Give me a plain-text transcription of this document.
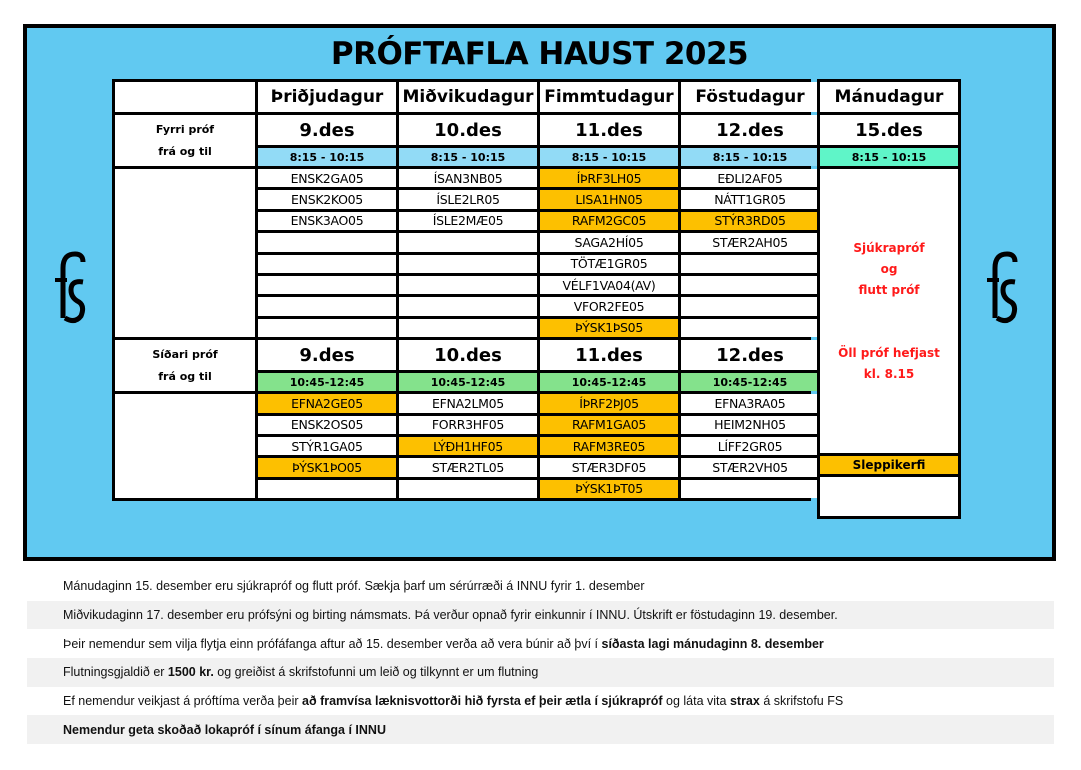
PRÓFTAFLA HAUST 2025
Þriðjudagur	Miðvikudagur Fimmtudagur	Föstudagur
Fyrri próf
frá og til
9.des
8:15 - 10:15
10.des
8:15 - 10:15
11.des
8:15 - 10:15
12.des
8:15 - 10:15
ENSK2GA05
ENSK2KO05
ENSK3AO05
ÍSAN3NB05
ÍSLE2LR05
ÍSLE2MÆ05
ÍÞRF3LH05
LISA1HN05
RAFM2GC05
SAGA2HÍ05
TÖTÆ1GR05
VÉLF1VA04(AV)
VFOR2FE05
ÞÝSK1ÞS05
EÐLI2AF05
NÁTT1GR05
STÝR3RD05
STÆR2AH05
Síðari próf
frá og til
9.des
10:45-12:45
10.des
10:45-12:45
11.des
10:45-12:45
12.des
10:45-12:45
EFNA2GE05
ENSK2OS05
STÝR1GA05
ÞÝSK1ÞO05
EFNA2LM05
FORR3HF05
LÝÐH1HF05
STÆR2TL05
ÍÞRF2ÞJ05
RAFM1GA05
RAFM3RE05
STÆR3DF05
ÞÝSK1ÞT05
EFNA3RA05
HEIM2NH05
LÍFF2GR05
STÆR2VH05
Mánudagur
15.des
8:15 - 10:15
Sjúkrapróf
og
flutt próf
Öll próf hefjast
kl. 8.15
Sleppikerfi
Mánudaginn 15. desember eru sjúkrapróf og flutt próf. Sækja þarf um sérúrræði á INNU fyrir 1. desember
Miðvikudaginn 17. desember eru prófsýni og birting námsmats. Þá verður opnað fyrir einkunnir í INNU. Útskrift er föstudaginn 19. desember.
Þeir nemendur sem vilja flytja einn prófáfanga aftur að 15. desember verða að vera búnir að því í síðasta lagi mánudaginn 8. desember
Flutningsgjaldið er 1500 kr. og greiðist á skrifstofunni um leið og tilkynnt er um flutning
Ef nemendur veikjast á próftíma verða þeir að framvísa læknisvottorði hið fyrsta ef þeir ætla í sjúkrapróf og láta vita strax á skrifstofu FS
Nemendur geta skoðað lokapróf í sínum áfanga í INNU
